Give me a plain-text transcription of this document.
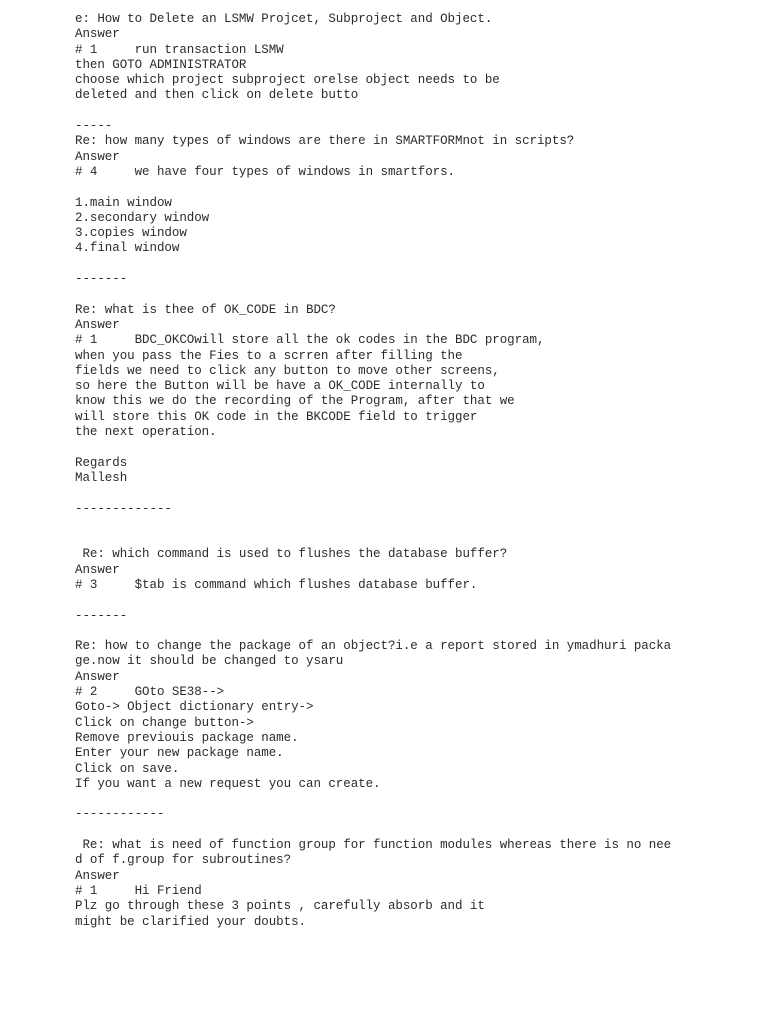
e: How to Delete an LSMW Projcet, Subproject and Object.
Answer
# 1     run transaction LSMW
then GOTO ADMINISTRATOR
choose which project subproject orelse object needs to be
deleted and then click on delete butto
-----
Re: how many types of windows are there in SMARTFORMnot in scripts?
Answer
# 4     we have four types of windows in smartfors.
1.main window
2.secondary window
3.copies window
4.final window
-------
Re: what is thee of OK_CODE in BDC?
Answer
# 1     BDC_OKCOwill store all the ok codes in the BDC program,
when you pass the Fies to a scrren after filling the
fields we need to click any button to move other screens,
so here the Button will be have a OK_CODE internally to
know this we do the recording of the Program, after that we
will store this OK code in the BKCODE field to trigger
the next operation.
Regards
Mallesh
-------------
Re: which command is used to flushes the database buffer?
Answer
# 3     $tab is command which flushes database buffer.
-------
Re: how to change the package of an object?i.e a report stored in ymadhuri packa
ge.now it should be changed to ysaru
Answer
# 2     GOto SE38-->
Goto-> Object dictionary entry->
Click on change button->
Remove previouis package name.
Enter your new package name.
Click on save.
If you want a new request you can create.
------------
Re: what is need of function group for function modules whereas there is no nee
d of f.group for subroutines?
Answer
# 1     Hi Friend
Plz go through these 3 points , carefully absorb and it
might be clarified your doubts.
